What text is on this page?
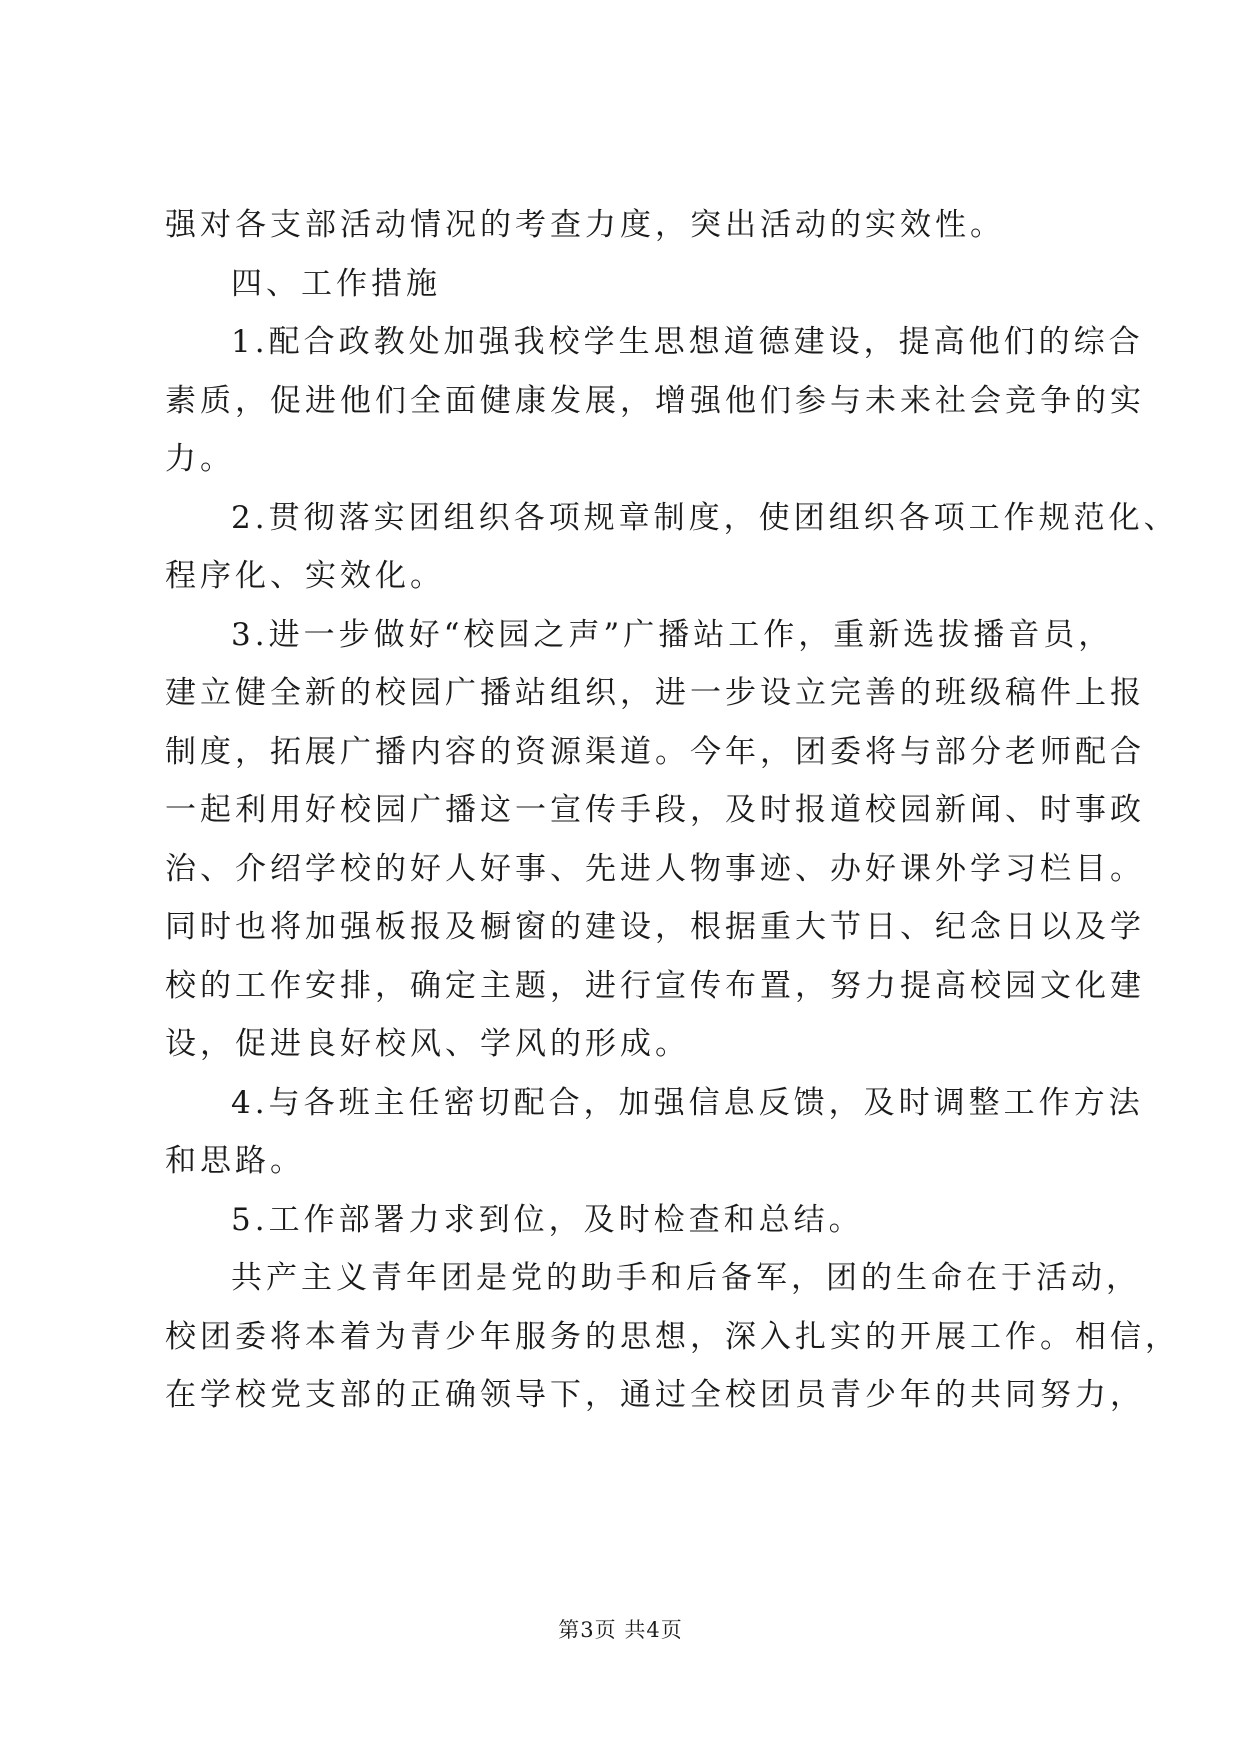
强对各支部活动情况的考查力度，突出活动的实效性。
四、工作措施
1.配合政教处加强我校学生思想道德建设，提高他们的综合
素质，促进他们全面健康发展，增强他们参与未来社会竞争的实
力。
2.贯彻落实团组织各项规章制度，使团组织各项工作规范化、
程序化、实效化。
3.进一步做好“校园之声”广播站工作，重新选拔播音员，
建立健全新的校园广播站组织，进一步设立完善的班级稿件上报
制度，拓展广播内容的资源渠道。今年，团委将与部分老师配合
一起利用好校园广播这一宣传手段，及时报道校园新闻、时事政
治、介绍学校的好人好事、先进人物事迹、办好课外学习栏目。
同时也将加强板报及橱窗的建设，根据重大节日、纪念日以及学
校的工作安排，确定主题，进行宣传布置，努力提高校园文化建
设，促进良好校风、学风的形成。
4.与各班主任密切配合，加强信息反馈，及时调整工作方法
和思路。
5.工作部署力求到位，及时检查和总结。
共产主义青年团是党的助手和后备军，团的生命在于活动，
校团委将本着为青少年服务的思想，深入扎实的开展工作。相信，
在学校党支部的正确领导下，通过全校团员青少年的共同努力，
第3页 共4页
